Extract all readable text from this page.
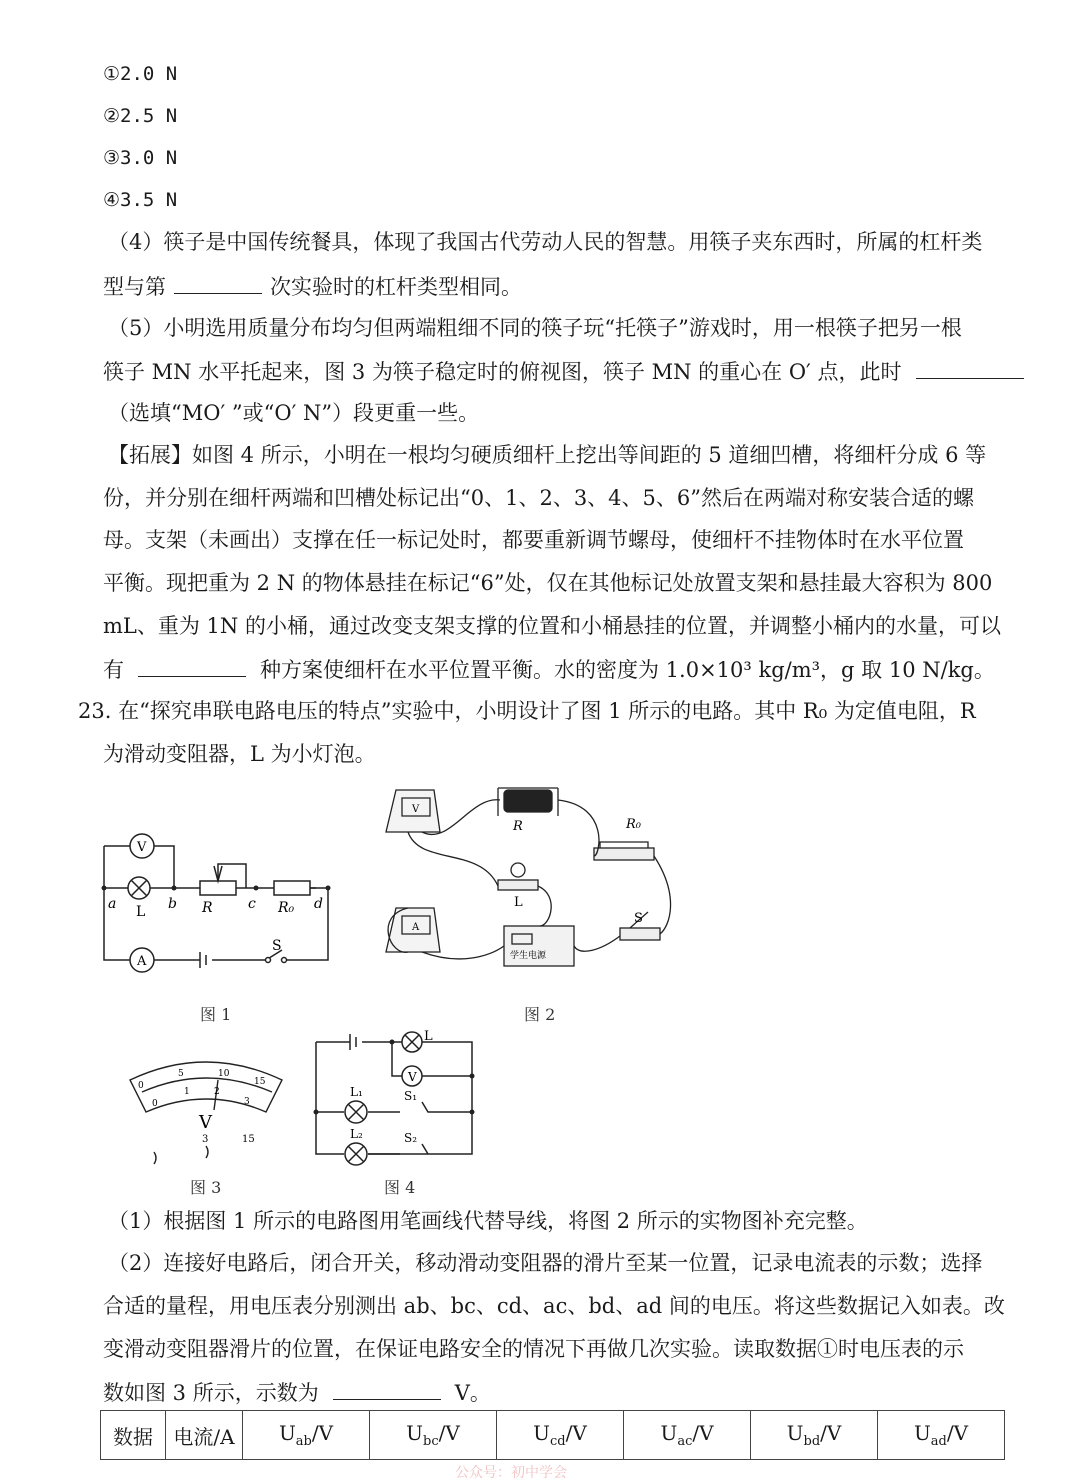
①2.0 N
②2.5 N
③3.0 N
④3.5 N
（4）筷子是中国传统餐具，体现了我国古代劳动人民的智慧。用筷子夹东西时，所属的杠杆类
型与第	次实验时的杠杆类型相同。
（5）小明选用质量分布均匀但两端粗细不同的筷子玩“托筷子”游戏时，用一根筷子把另一根
筷子 MN 水平托起来，图 3 为筷子稳定时的俯视图，筷子 MN 的重心在 O′ 点，此时
（选填“MO′ ”或“O′ N”）段更重一些。
【拓展】如图 4 所示，小明在一根均匀硬质细杆上挖出等间距的 5 道细凹槽，将细杆分成 6 等
份，并分别在细杆两端和凹槽处标记出“0、1、2、3、4、5、6”然后在两端对称安装合适的螺
母。支架（未画出）支撑在任一标记处时，都要重新调节螺母，使细杆不挂物体时在水平位置
平衡。现把重为 2 N 的物体悬挂在标记“6”处，仅在其他标记处放置支架和悬挂最大容积为 800
mL、重为 1N 的小桶，通过改变支架支撑的位置和小桶悬挂的位置，并调整小桶内的水量，可以
有	种方案使细杆在水平位置平衡。水的密度为 1.0×10³ kg/m³，g 取 10 N/kg。
23. 在“探究串联电路电压的特点”实验中，小明设计了图 1 所示的电路。其中 R₀ 为定值电阻，R
为滑动变阻器，L 为小灯泡。
V
A
L	R	R₀
S
a	b	c	d
图 1
R	R₀
L
S
学生电源
V
A
图 2
0
5	10
15
0
1	2
3
V
3	15
图 3
L
V
L₁
L₂
S₁
S₂
图 4
（1）根据图 1 所示的电路图用笔画线代替导线，将图 2 所示的实物图补充完整。
（2）连接好电路后，闭合开关，移动滑动变阻器的滑片至某一位置，记录电流表的示数；选择
合适的量程，用电压表分别测出 ab、bc、cd、ac、bd、ad 间的电压。将这些数据记入如表。改
变滑动变阻器滑片的位置，在保证电路安全的情况下再做几次实验。读取数据①时电压表的示
数如图 3 所示，示数为	V。
数据	电流/A	$U_{ab}/V$	$U_{bc}/V$	$U_{cd}/V$	$U_{ac}/V$	$U_{bd}/V$	$U_{ad}/V$
公众号：初中学会
